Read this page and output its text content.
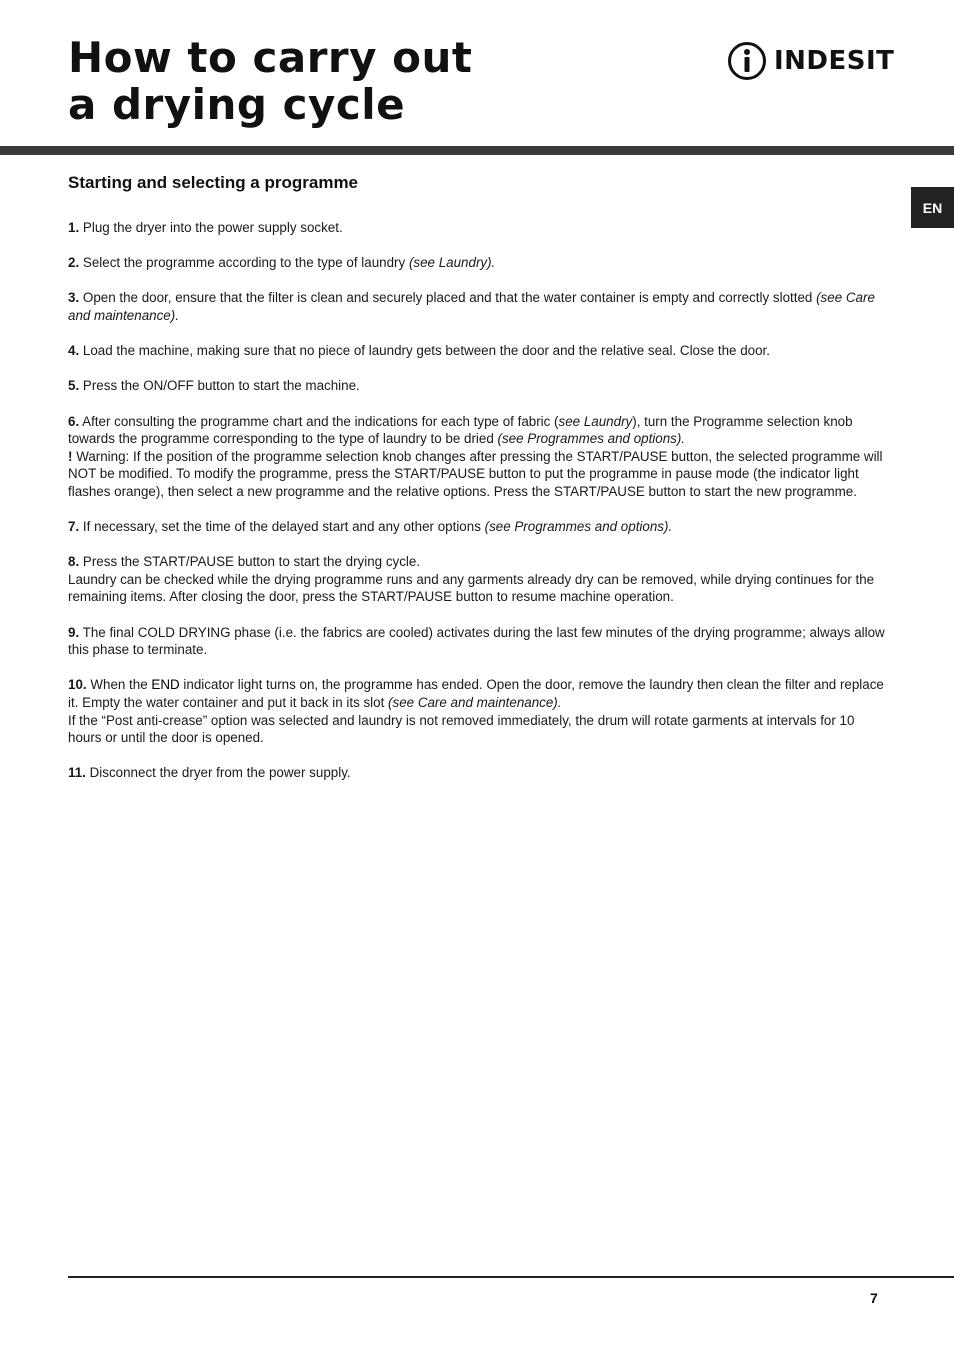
How to carry out
a drying cycle
INDESIT
EN
Starting and selecting a programme
1. Plug the dryer into the power supply socket.
2. Select the programme according to the type of laundry (see Laundry).
3. Open the door, ensure that the filter is clean and securely placed and that the water container is empty and correctly slotted (see Care and maintenance).
4. Load the machine, making sure that no piece of laundry gets between the door and the relative seal. Close the door.
5. Press the ON/OFF button to start the machine.
6. After consulting the programme chart and the indications for each type of fabric (see Laundry), turn the Programme selection knob towards the programme corresponding to the type of laundry to be dried (see Programmes and options).
! Warning: If the position of the programme selection knob changes after pressing the START/PAUSE button, the selected programme will NOT be modified. To modify the programme, press the START/PAUSE button to put the programme in pause mode (the indicator light flashes orange), then select a new programme and the relative options. Press the START/PAUSE button to start the new programme.
7. If necessary, set the time of the delayed start and any other options (see Programmes and options).
8. Press the START/PAUSE button to start the drying cycle.
Laundry can be checked while the drying programme runs and any garments already dry can be removed, while drying continues for the remaining items. After closing the door, press the START/PAUSE button to resume machine operation.
9. The final COLD DRYING phase (i.e. the fabrics are cooled) activates during the last few minutes of the drying programme; always allow this phase to terminate.
10. When the END indicator light turns on, the programme has ended. Open the door, remove the laundry then clean the filter and replace it. Empty the water container and put it back in its slot (see Care and maintenance).
If the “Post anti-crease” option was selected and laundry is not removed immediately, the drum will rotate garments at intervals for 10 hours or until the door is opened.
11. Disconnect the dryer from the power supply.
7
